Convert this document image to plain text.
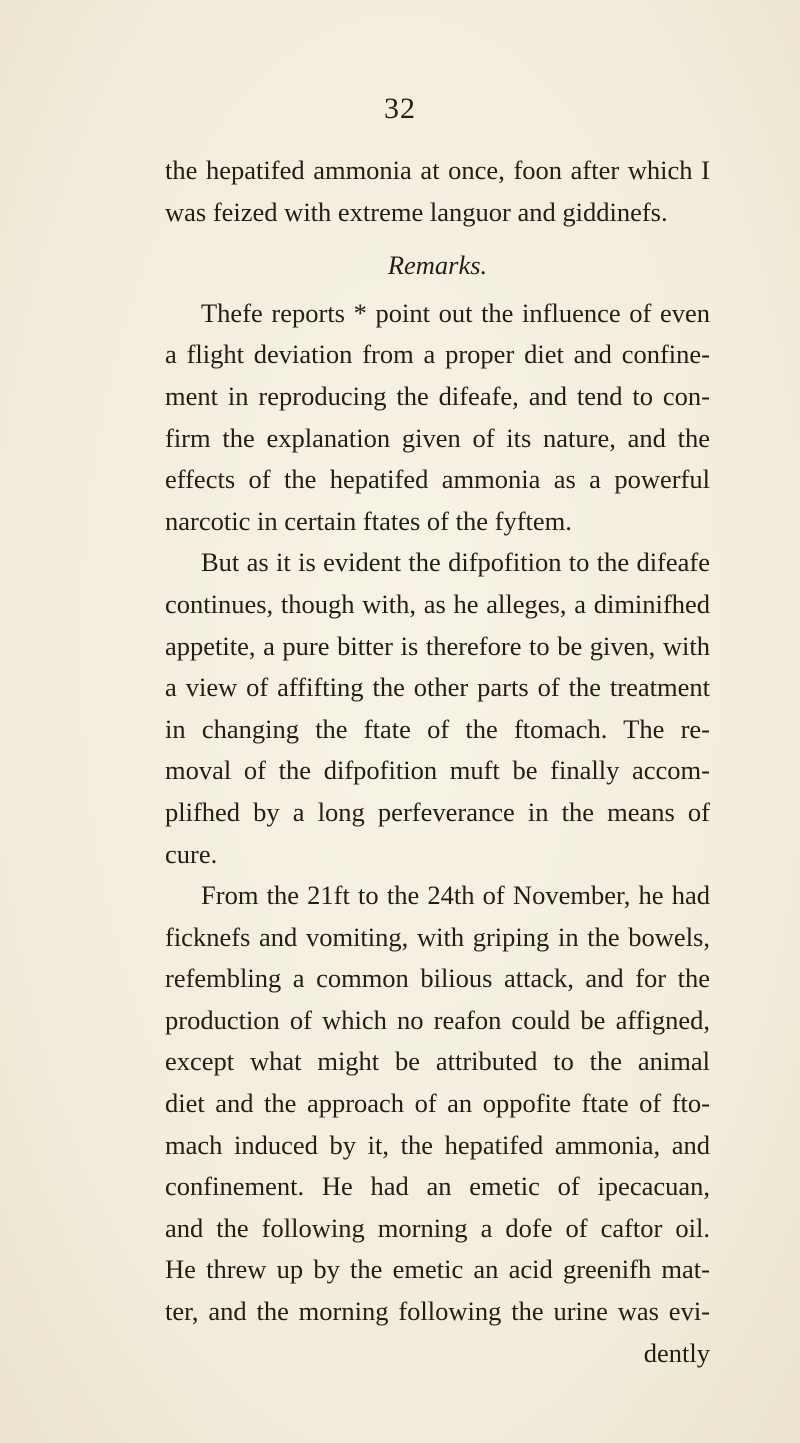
32
the hepatifed ammonia at once, foon after which I
was feized with extreme languor and giddinefs.
Remarks.
Thefe reports * point out the influence of even
a flight deviation from a proper diet and confine-
ment in reproducing the difeafe, and tend to con-
firm the explanation given of its nature, and the
effects of the hepatifed ammonia as a powerful
narcotic in certain ftates of the fyftem.
But as it is evident the difpofition to the difeafe
continues, though with, as he alleges, a diminifhed
appetite, a pure bitter is therefore to be given, with
a view of affifting the other parts of the treatment
in changing the ftate of the ftomach. The re-
moval of the difpofition muft be finally accom-
plifhed by a long perfeverance in the means of
cure.
From the 21ft to the 24th of November, he had
ficknefs and vomiting, with griping in the bowels,
refembling a common bilious attack, and for the
production of which no reafon could be affigned,
except what might be attributed to the animal
diet and the approach of an oppofite ftate of fto-
mach induced by it, the hepatifed ammonia, and
confinement. He had an emetic of ipecacuan,
and the following morning a dofe of caftor oil.
He threw up by the emetic an acid greenifh mat-
ter, and the morning following the urine was evi-
dently
